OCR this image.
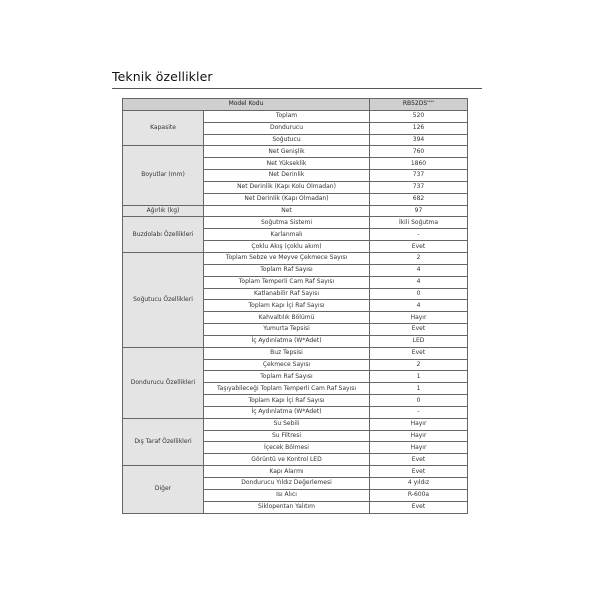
Teknik özellikler
Model Kodu		RB52DS****
Kapasite	Toplam	520
	Dondurucu	126
	Soğutucu	394
Boyutlar (mm)	Net Genişlik	760
	Net Yükseklik	1860
	Net Derinlik	737
	Net Derinlik (Kapı Kolu Olmadan)	737
	Net Derinlik (Kapı Olmadan)	682
Ağırlık (kg)	Net	97
Buzdolabı Özellikleri	Soğutma Sistemi	İkili Soğutma
	Karlanmalı	-
	Çoklu Akış (çoklu akım)	Evet
Soğutucu Özellikleri	Toplam Sebze ve Meyve Çekmece Sayısı	2
	Toplam Raf Sayısı	4
	Toplam Temperli Cam Raf Sayısı	4
	Katlanabilir Raf Sayısı	0
	Toplam Kapı İçi Raf Sayısı	4
	Kahvaltılık Bölümü	Hayır
	Yumurta Tepsisi	Evet
	İç Aydınlatma (W*Adet)	LED
Dondurucu Özellikleri	Buz Tepsisi	Evet
	Çekmece Sayısı	2
	Toplam Raf Sayısı	1
	Taşıyabileceği Toplam Temperli Cam Raf Sayısı	1
	Toplam Kapı İçi Raf Sayısı	0
	İç Aydınlatma (W*Adet)	-
Dış Taraf Özellikleri	Su Sebili	Hayır
	Su Filtresi	Hayır
	İçecek Bölmesi	Hayır
	Görüntü ve Kontrol LED	Evet
Diğer	Kapı Alarmı	Evet
	Dondurucu Yıldız Değerlemesi	4 yıldız
	Isı Alıcı	R-600a
	Siklopentan Yalıtım	Evet
